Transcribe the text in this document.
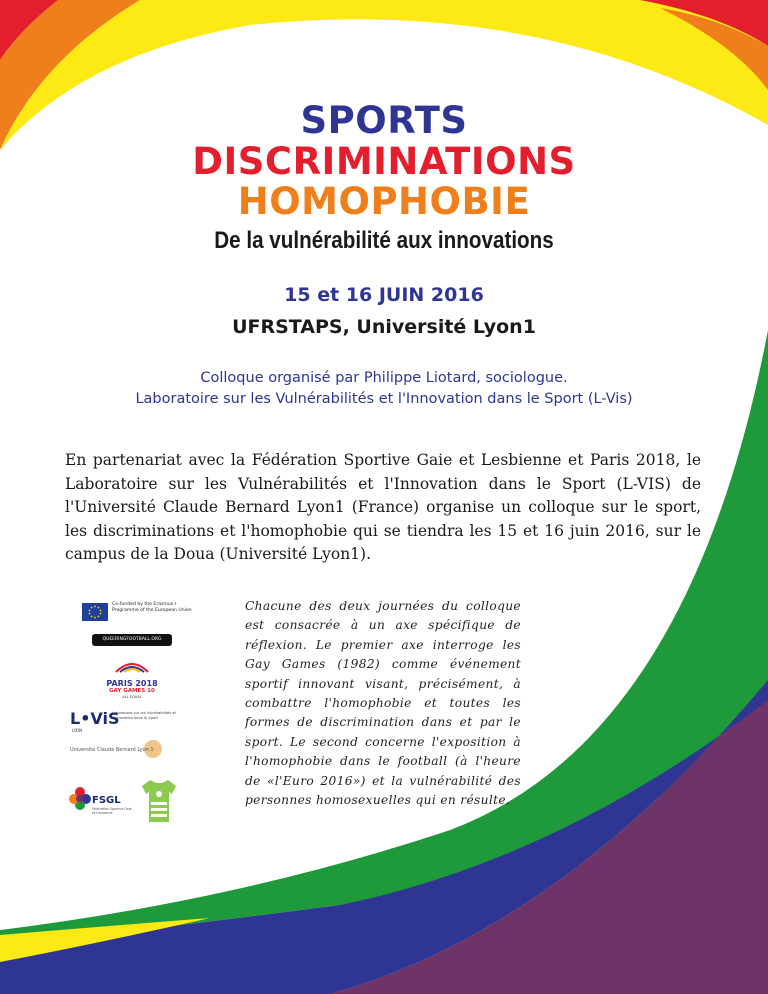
SPORTS
DISCRIMINATIONS
HOMOPHOBIE
De la vulnérabilité aux innovations
15 et 16 JUIN 2016
UFRSTAPS, Université Lyon1
Colloque organisé par Philippe Liotard, sociologue.
Laboratoire sur les Vulnérabilités et l'Innovation dans le Sport (L-Vis)

En partenariat avec la Fédération Sportive Gaie et Lesbienne et Paris 2018, le Laboratoire sur les Vulnérabilités et l'Innovation dans le Sport (L-VIS) de l'Université Claude Bernard Lyon1 (France) organise un colloque sur le sport, les discriminations et l'homophobie qui se tiendra les 15 et 16 juin 2016, sur le campus de la Doua (Université Lyon1).

Co-funded by the Erasmus+ Programme of the European Union
QUEERINGFOOTBALL.ORG
PARIS 2018
GAY GAMES 10
ALL EQUAL
L•ViS
LYON
Laboratoire sur les Vulnérabilités et l'Innovation dans le Sport
Université Claude Bernard Lyon 1
FSGL
Fédération Sportive Gaie et Lesbienne

Chacune des deux journées du colloque est consacrée à un axe spécifique de réflexion. Le premier axe interroge les Gay Games (1982) comme événement sportif innovant visant, précisément, à combattre l'homophobie et toutes les formes de discrimination dans et par le sport. Le second concerne l'exposition à l'homophobie dans le football (à l'heure de «l'Euro 2016») et la vulnérabilité des personnes homosexuelles qui en résulte.
